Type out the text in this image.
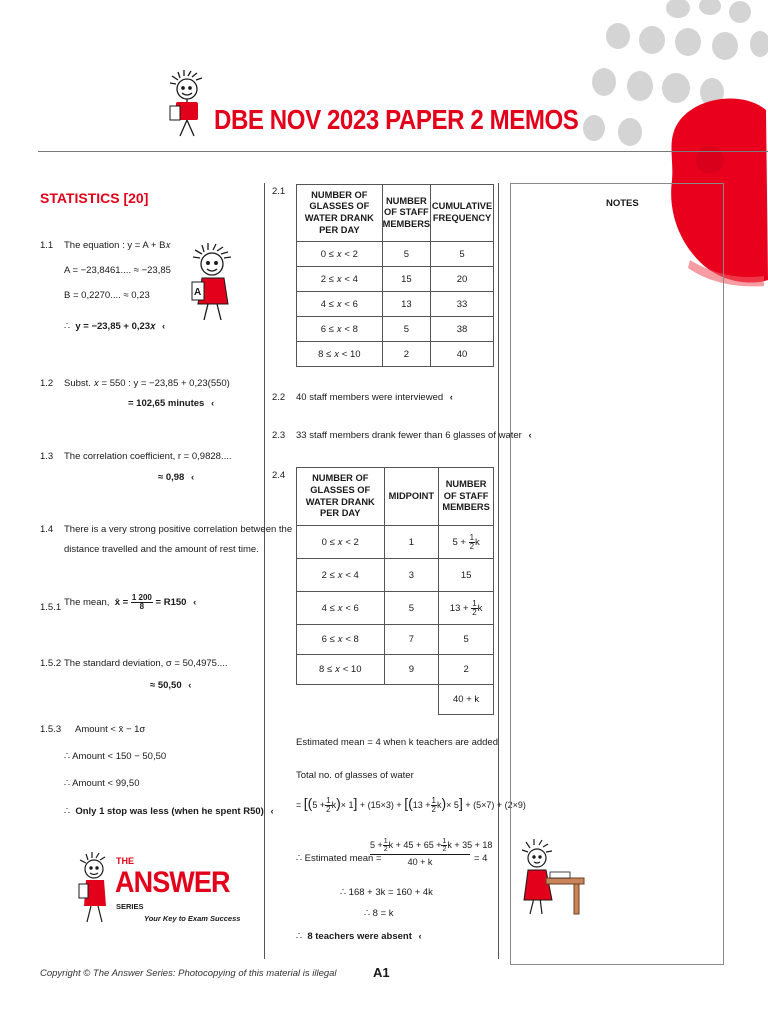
DBE NOV 2023 PAPER 2 MEMOS
STATISTICS [20]
1.1 The equation : y = A + B𝑥
A = −23,8461.... ≈ −23,85
B = 0,2270.... ≈ 0,23
∴ y = −23,85 + 0,23𝑥 ‹
A
1.2 Subst. 𝑥 = 550 : y = −23,85 + 0,23(550)
= 102,65 minutes ‹
1.3 The correlation coefficient, r = 0,9828....
≈ 0,98 ‹
1.4 There is a very strong positive correlation between the
distance travelled and the amount of rest time.
1.5.1 The mean, x̄ = $\frac{1 200}{8} = R150$ ‹
1.5.2 The standard deviation, σ = 50,4975....
≈ 50,50 ‹
1.5.3 Amount < x̄ − 1σ
∴ Amount < 150 − 50,50
∴ Amount < 99,50
∴ Only 1 stop was less (when he spent R50) ‹
THE
ANSWER
SERIES
Your Key to Exam Success
2.1	NUMBER OF GLASSES OF WATER DRANK PER DAY	NUMBER OF STAFF MEMBERS	CUMULATIVE FREQUENCY
0 ≤ 𝑥 < 2	5	5
2 ≤ 𝑥 < 4	15	20
4 ≤ 𝑥 < 6	13	33
6 ≤ 𝑥 < 8	5	38
8 ≤ 𝑥 < 10	2	40
2.2 40 staff members were interviewed ‹
2.3 33 staff members drank fewer than 6 glasses of water ‹
2.4	NUMBER OF GLASSES OF WATER DRANK PER DAY	MIDPOINT	NUMBER OF STAFF MEMBERS
0 ≤ 𝑥 < 2	1	$5 + \frac{1}{2}$ k
2 ≤ 𝑥 < 4	3	15
4 ≤ 𝑥 < 6	5	$13 + \frac{1}{2}$ k
6 ≤ 𝑥 < 8	7	5
8 ≤ 𝑥 < 10	9	2
		40 + k
Estimated mean = 4 when k teachers are added
Total no. of glasses of water
= $[(5 + \frac{1}{2} k)\times 1] + (15\times 3) + [(13 + \frac{1}{2} k)\times 5] + (5\times 7) + (2\times 9)$
∴ Estimated mean =
$\frac{5 + \frac{1}{2} k + 45 + 65 + \frac{1}{2} k + 35 + 18}{40 + k} = 4$
∴ 168 + 3k = 160 + 4k
∴ 8 = k
∴ 8 teachers were absent ‹
NOTES
Copyright © The Answer Series: Photocopying of this material is illegal	A1
